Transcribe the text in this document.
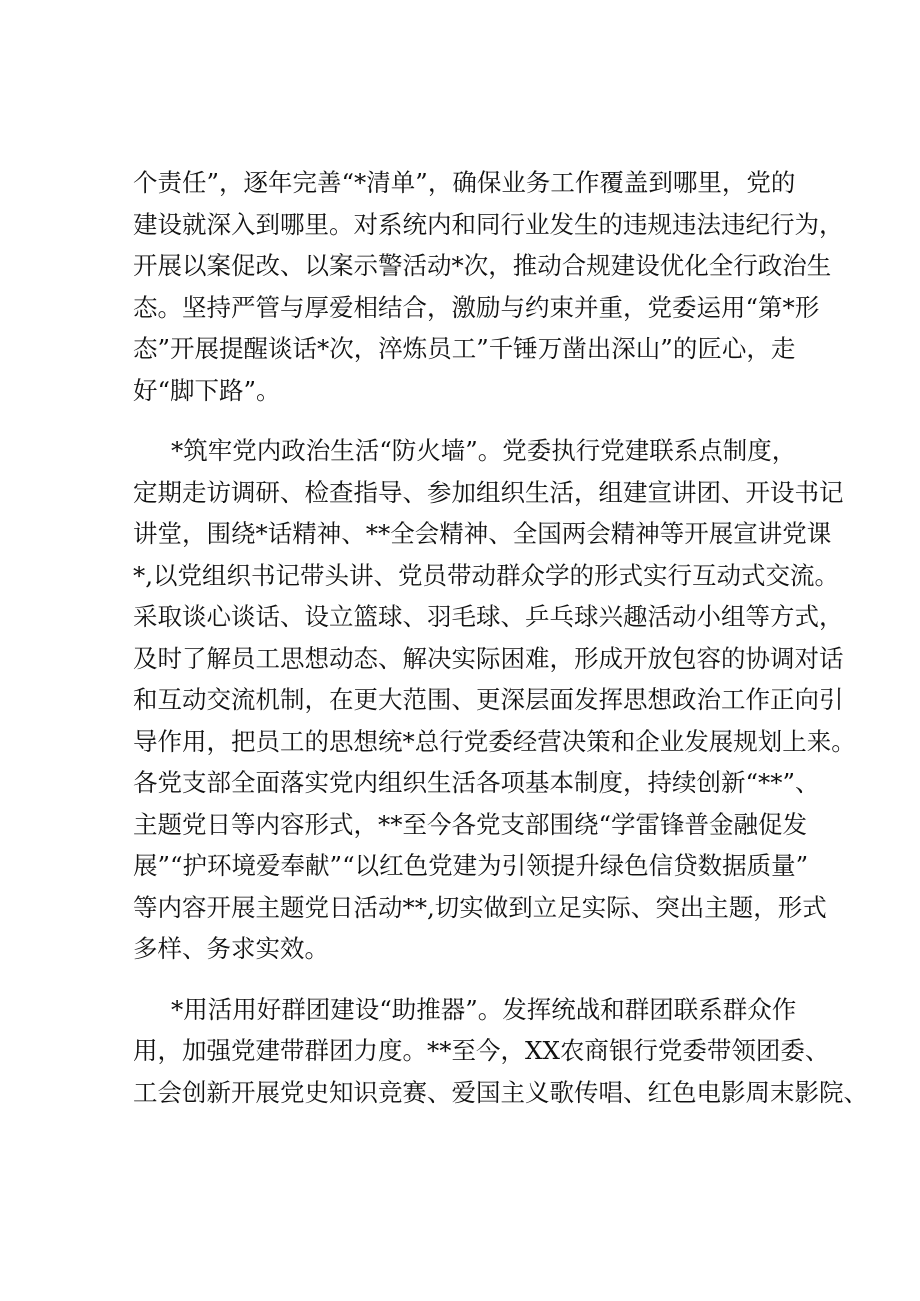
个责任”，逐年完善“*清单”，确保业务工作覆盖到哪里，党的
建设就深入到哪里。对系统内和同行业发生的违规违法违纪行为，
开展以案促改、以案示警活动*次，推动合规建设优化全行政治生
态。坚持严管与厚爱相结合，激励与约束并重，党委运用“第*形
态”开展提醒谈话*次，淬炼员工”千锤万凿出深山”的匠心，走
好“脚下路”。

*筑牢党内政治生活“防火墙”。党委执行党建联系点制度，
定期走访调研、检查指导、参加组织生活，组建宣讲团、开设书记
讲堂，围绕*话精神、**全会精神、全国两会精神等开展宣讲党课
*,以党组织书记带头讲、党员带动群众学的形式实行互动式交流。
采取谈心谈话、设立篮球、羽毛球、乒乓球兴趣活动小组等方式，
及时了解员工思想动态、解决实际困难，形成开放包容的协调对话
和互动交流机制，在更大范围、更深层面发挥思想政治工作正向引
导作用，把员工的思想统*总行党委经营决策和企业发展规划上来。
各党支部全面落实党内组织生活各项基本制度，持续创新“**”、
主题党日等内容形式，**至今各党支部围绕“学雷锋普金融促发
展”“护环境爱奉献”“以红色党建为引领提升绿色信贷数据质量”
等内容开展主题党日活动**,切实做到立足实际、突出主题，形式
多样、务求实效。

*用活用好群团建设“助推器”。发挥统战和群团联系群众作
用，加强党建带群团力度。**至今，XX农商银行党委带领团委、
工会创新开展党史知识竞赛、爱国主义歌传唱、红色电影周末影院、
